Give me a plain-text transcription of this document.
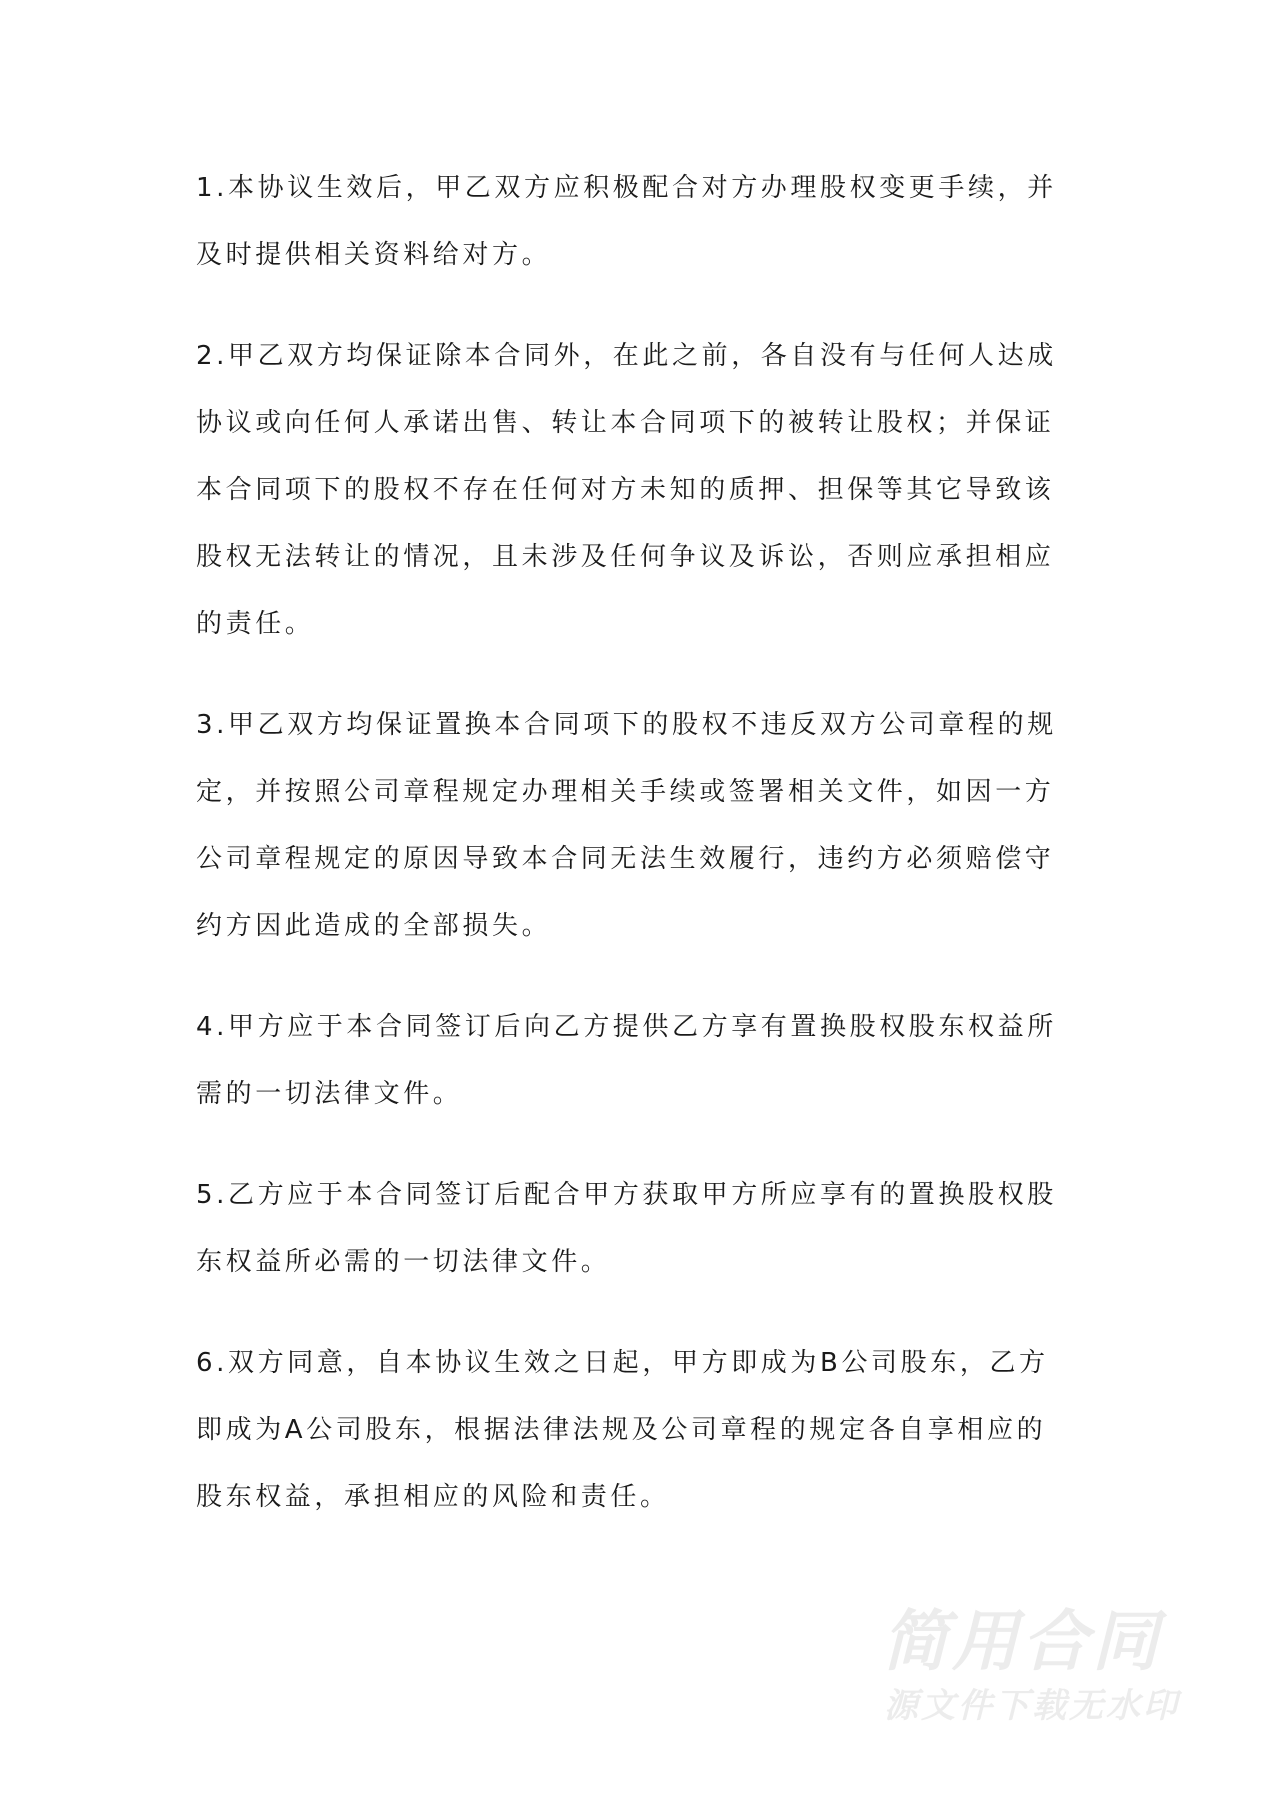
1.本协议生效后，甲乙双方应积极配合对方办理股权变更手续，并
及时提供相关资料给对方。
2.甲乙双方均保证除本合同外，在此之前，各自没有与任何人达成
协议或向任何人承诺出售、转让本合同项下的被转让股权；并保证
本合同项下的股权不存在任何对方未知的质押、担保等其它导致该
股权无法转让的情况，且未涉及任何争议及诉讼，否则应承担相应
的责任。
3.甲乙双方均保证置换本合同项下的股权不违反双方公司章程的规
定，并按照公司章程规定办理相关手续或签署相关文件，如因一方
公司章程规定的原因导致本合同无法生效履行，违约方必须赔偿守
约方因此造成的全部损失。
4.甲方应于本合同签订后向乙方提供乙方享有置换股权股东权益所
需的一切法律文件。
5.乙方应于本合同签订后配合甲方获取甲方所应享有的置换股权股
东权益所必需的一切法律文件。
6.双方同意，自本协议生效之日起，甲方即成为B公司股东，乙方
即成为A公司股东，根据法律法规及公司章程的规定各自享相应的
股东权益，承担相应的风险和责任。
简用合同
源文件下载无水印
